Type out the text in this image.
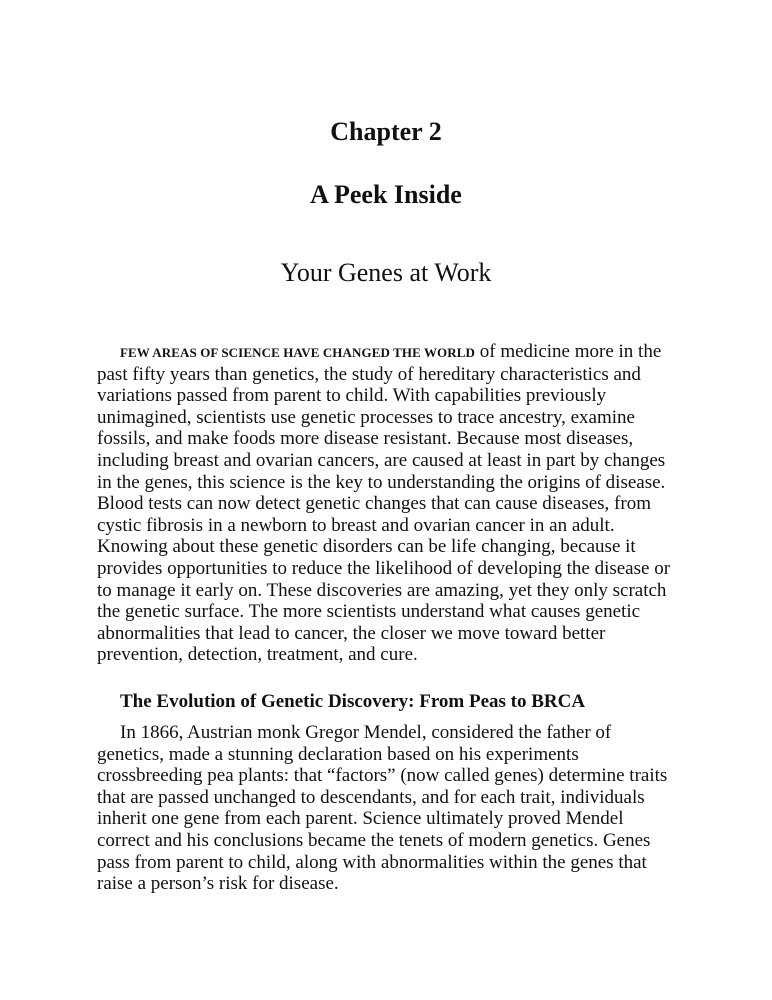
Chapter 2
A Peek Inside
Your Genes at Work

FEW AREAS OF SCIENCE HAVE CHANGED THE WORLD of medicine more in the past fifty years than genetics, the study of hereditary characteristics and variations passed from parent to child. With capabilities previously unimagined, scientists use genetic processes to trace ancestry, examine fossils, and make foods more disease resistant. Because most diseases, including breast and ovarian cancers, are caused at least in part by changes in the genes, this science is the key to understanding the origins of disease. Blood tests can now detect genetic changes that can cause diseases, from cystic fibrosis in a newborn to breast and ovarian cancer in an adult. Knowing about these genetic disorders can be life changing, because it provides opportunities to reduce the likelihood of developing the disease or to manage it early on. These discoveries are amazing, yet they only scratch the genetic surface. The more scientists understand what causes genetic abnormalities that lead to cancer, the closer we move toward better prevention, detection, treatment, and cure.

The Evolution of Genetic Discovery: From Peas to BRCA

In 1866, Austrian monk Gregor Mendel, considered the father of genetics, made a stunning declaration based on his experiments crossbreeding pea plants: that “factors” (now called genes) determine traits that are passed unchanged to descendants, and for each trait, individuals inherit one gene from each parent. Science ultimately proved Mendel correct and his conclusions became the tenets of modern genetics. Genes pass from parent to child, along with abnormalities within the genes that raise a person’s risk for disease.
